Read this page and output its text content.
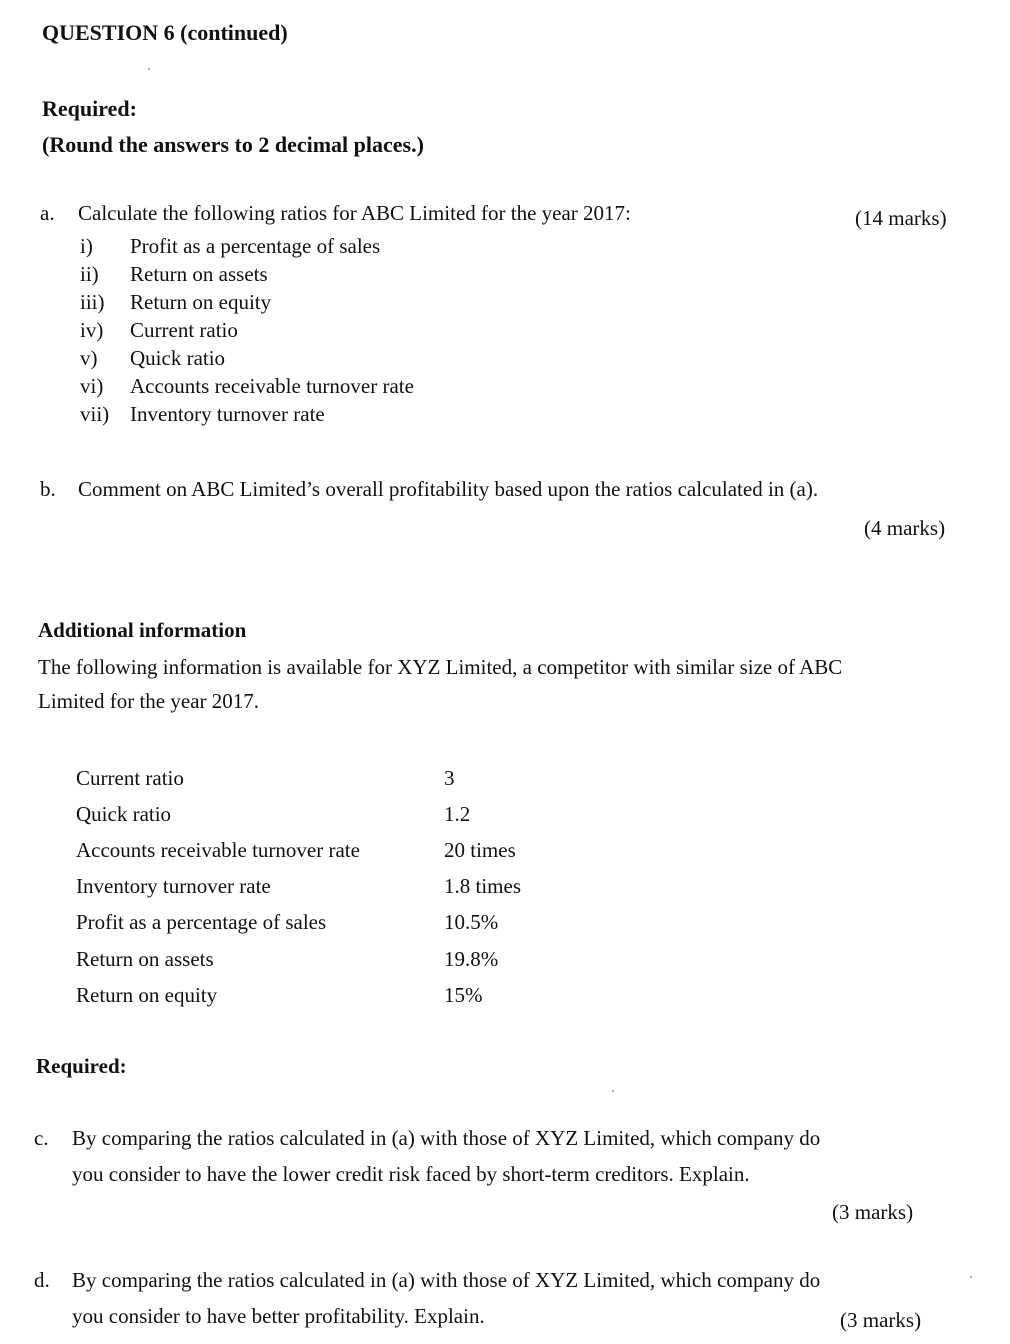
QUESTION 6 (continued)
Required:
(Round the answers to 2 decimal places.)
a. Calculate the following ratios for ABC Limited for the year 2017:	(14 marks)
i) Profit as a percentage of sales
ii) Return on assets
iii) Return on equity
iv) Current ratio
v) Quick ratio
vi) Accounts receivable turnover rate
vii) Inventory turnover rate
b. Comment on ABC Limited’s overall profitability based upon the ratios calculated in (a).
(4 marks)
Additional information
The following information is available for XYZ Limited, a competitor with similar size of ABC
Limited for the year 2017.
Current ratio	3
Quick ratio	1.2
Accounts receivable turnover rate	20 times
Inventory turnover rate	1.8 times
Profit as a percentage of sales	10.5%
Return on assets	19.8%
Return on equity	15%
Required:
c. By comparing the ratios calculated in (a) with those of XYZ Limited, which company do
you consider to have the lower credit risk faced by short-term creditors. Explain.
(3 marks)
d. By comparing the ratios calculated in (a) with those of XYZ Limited, which company do
you consider to have better profitability. Explain.	(3 marks)
